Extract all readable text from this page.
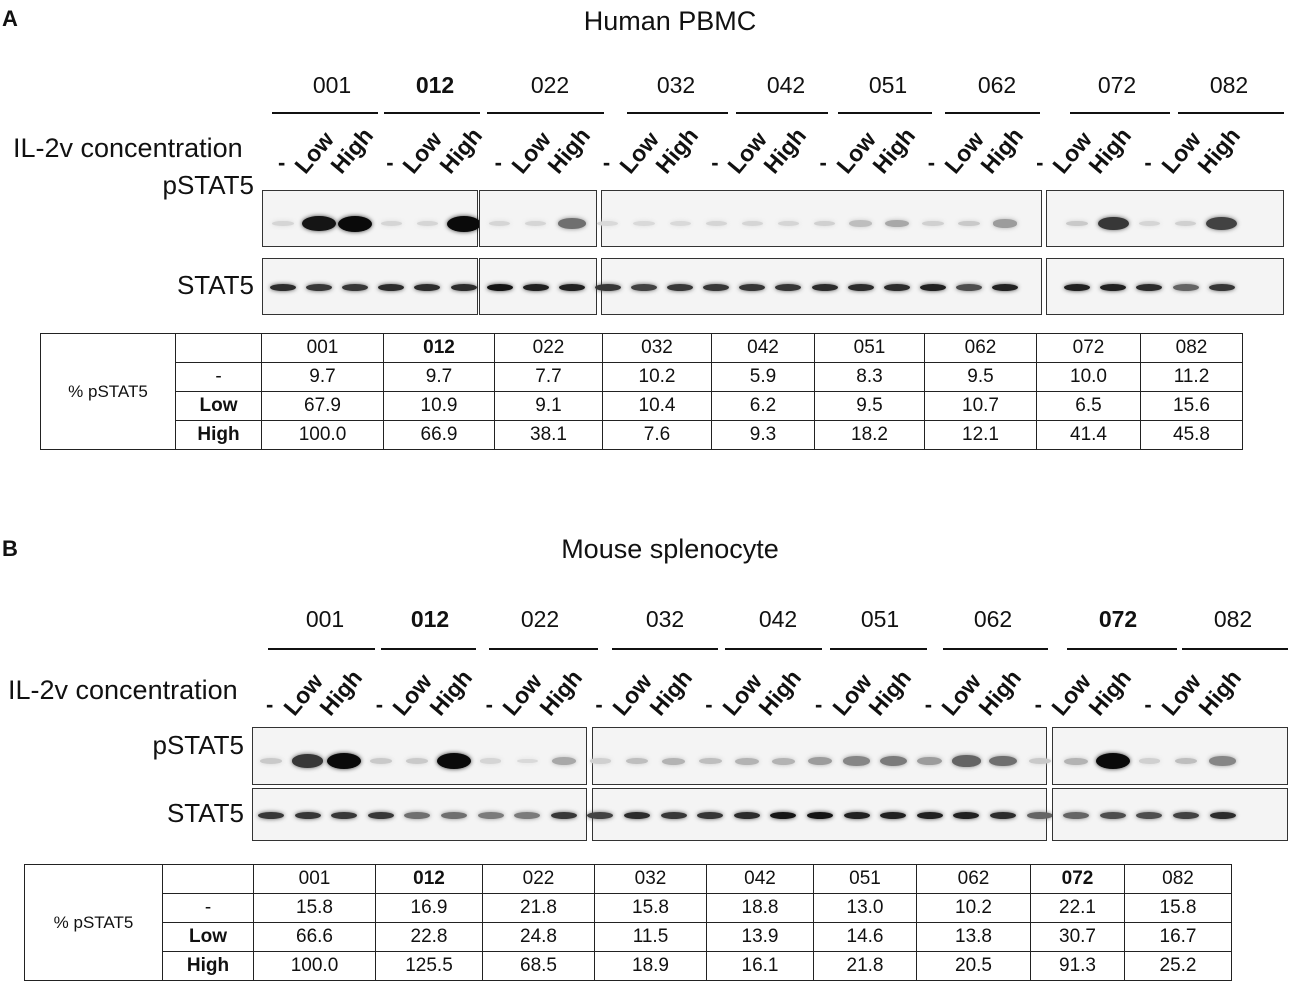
A	Human PBMC
001	012	022	032	042	051	062	072	082
IL-2v concentration - Low
High - Low
High - Low
High - Low
High - Low
High - Low
High - Low
High - Low
High - Low
High
pSTAT5
STAT5
% pSTAT5		001	012	022	032	042	051	062	072	082
	-	9.7	9.7	7.7	10.2	5.9	8.3	9.5	10.0	11.2
	Low	67.9	10.9	9.1	10.4	6.2	9.5	10.7	6.5	15.6
	High	100.0	66.9	38.1	7.6	9.3	18.2	12.1	41.4	45.8
B	Mouse splenocyte
001	012	022	032	042	051	062	072	082
IL-2v concentration - Low
High - Low
High - Low
High - Low
High - Low
High - Low
High - Low
High - Low
High - Low
High
pSTAT5
STAT5
% pSTAT5		001	012	022	032	042	051	062	072	082
	-	15.8	16.9	21.8	15.8	18.8	13.0	10.2	22.1	15.8
	Low	66.6	22.8	24.8	11.5	13.9	14.6	13.8	30.7	16.7
	High	100.0	125.5	68.5	18.9	16.1	21.8	20.5	91.3	25.2
